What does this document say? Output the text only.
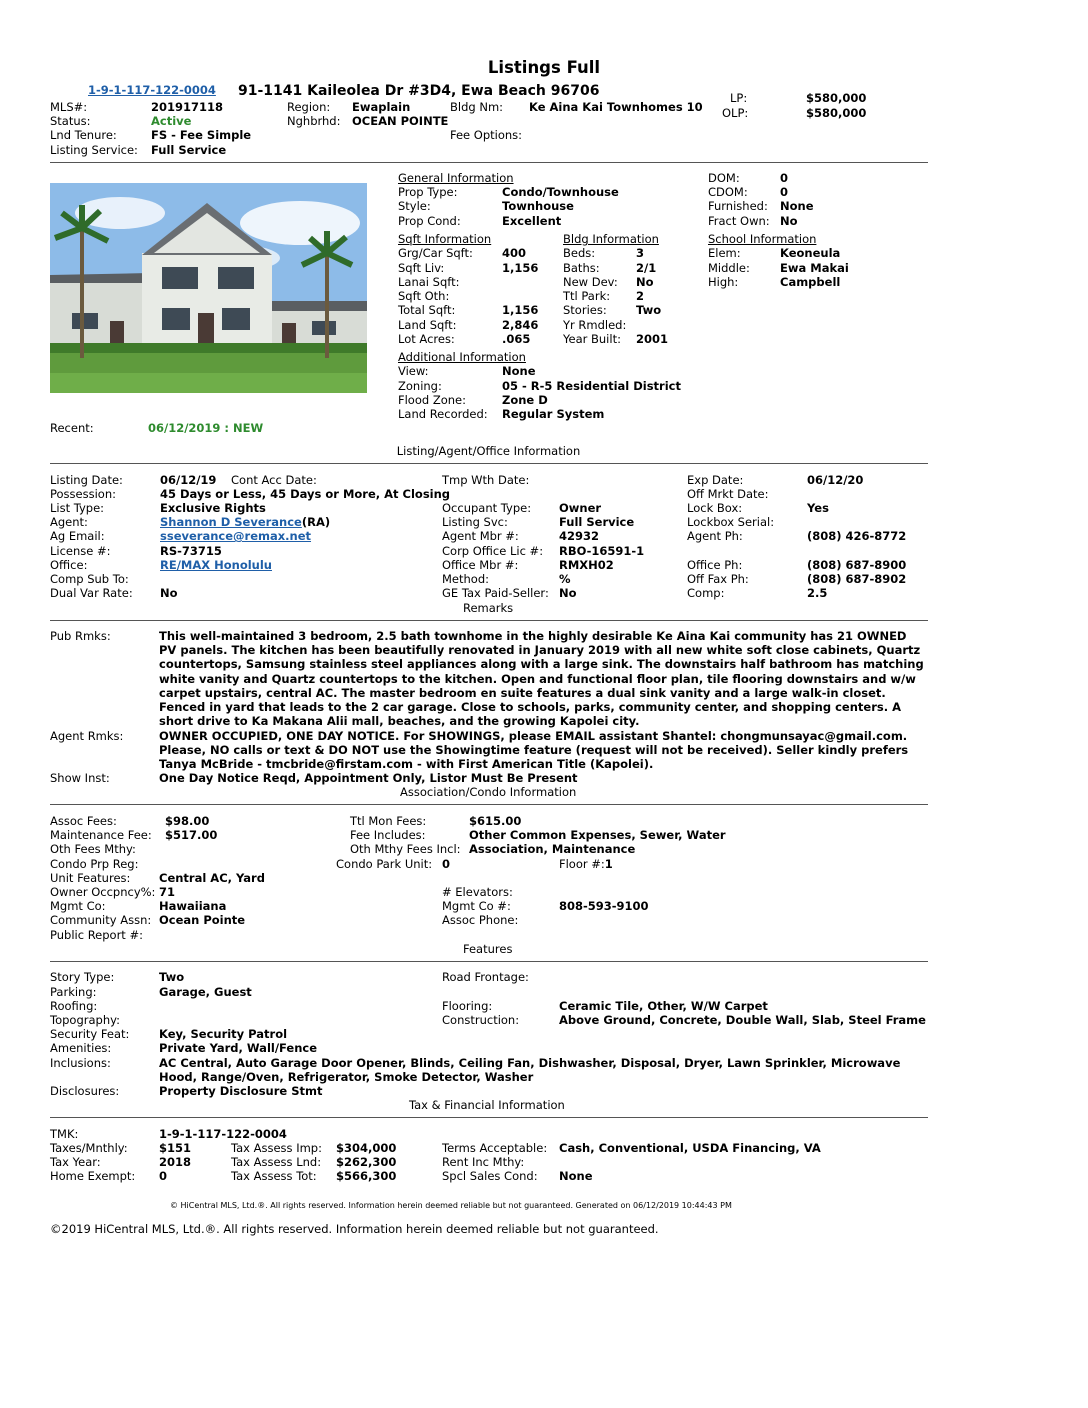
Listings Full
1-9-1-117-122-0004 91-1141 Kaileolea Dr #3D4, Ewa Beach 96706
MLS#:	201917118	Region: Ewaplain	Bldg Nm: Ke Aina Kai Townhomes 10
LP:	$580,000
OLP:	$580,000
Status:	Active	Nghbrhd: OCEAN POINTE
Lnd Tenure:	FS - Fee Simple	Fee Options:
Listing Service: Full Service
General Information
Prop Type:	Condo/Townhouse
Style:	Townhouse
Prop Cond:	Excellent
DOM:	0
CDOM:	0
Furnished: None
Fract Own: No
Sqft Information
Grg/Car Sqft:	400
Sqft Liv:	1,156
Lanai Sqft:
Sqft Oth:
Total Sqft:	1,156
Land Sqft:	2,846
Lot Acres:	.065
Bldg Information
Beds:	3
Baths:	2/1
New Dev: No
Ttl Park: 2
Stories:	Two
Yr Rmdled:
Year Built: 2001
School Information
Elem:	Keoneula
Middle:	Ewa Makai
High:	Campbell
Additional Information
View:	None
Zoning:	05 - R-5 Residential District
Flood Zone:	Zone D
Land Recorded: Regular System
Recent:	06/12/2019 : NEW
Listing/Agent/Office Information
Listing Date:	06/12/19 Cont Acc Date:	Tmp Wth Date:	Exp Date:	06/12/20
Possession:	45 Days or Less, 45 Days or More, At Closing	Off Mrkt Date:
List Type:	Exclusive Rights	Occupant Type: Owner	Lock Box:	Yes
Agent:	Shannon D Severance(RA)	Listing Svc:	Full Service	Lockbox Serial:
Ag Email:	sseverance@remax.net	Agent Mbr #:	42932	Agent Ph:	(808) 426-8772
License #:	RS-73715	Corp Office Lic #: RBO-16591-1
Office:	RE/MAX Honolulu	Office Mbr #:	RMXH02	Office Ph:	(808) 687-8900
Comp Sub To:	Method:	%	Off Fax Ph:	(808) 687-8902
Dual Var Rate: No	GE Tax Paid-Seller: No	Comp:	2.5
Remarks
Pub Rmks:	This well-maintained 3 bedroom, 2.5 bath townhome in the highly desirable Ke Aina Kai community has 21 OWNED PV panels. The kitchen has been beautifully renovated in January 2019 with all new white soft close cabinets, Quartz countertops, Samsung stainless steel appliances along with a large sink. The downstairs half bathroom has matching white vanity and Quartz countertops to the kitchen. Open and functional floor plan, tile flooring downstairs and w/w carpet upstairs, central AC. The master bedroom en suite features a dual sink vanity and a large walk-in closet. Fenced in yard that leads to the 2 car garage. Close to schools, parks, community center, and shopping centers. A short drive to Ka Makana Alii mall, beaches, and the growing Kapolei city.
Agent Rmks:	OWNER OCCUPIED, ONE DAY NOTICE. For SHOWINGS, please EMAIL assistant Shantel: chongmunsayac@gmail.com. Please, NO calls or text & DO NOT use the Showingtime feature (request will not be received). Seller kindly prefers Tanya McBride - tmcbride@firstam.com - with First American Title (Kapolei).
Show Inst:	One Day Notice Reqd, Appointment Only, Listor Must Be Present
Association/Condo Information
Assoc Fees:	$98.00	Ttl Mon Fees:	$615.00
Maintenance Fee: $517.00	Fee Includes:	Other Common Expenses, Sewer, Water
Oth Fees Mthy:	Oth Mthy Fees Incl: Association, Maintenance
Condo Prp Reg:	Condo Park Unit: 0	Floor #:1
Unit Features: Central AC, Yard
Owner Occpncy%: 71	# Elevators:
Mgmt Co:	Hawaiiana	Mgmt Co #:	808-593-9100
Community Assn: Ocean Pointe	Assoc Phone:
Public Report #:
Features
Story Type:	Two	Road Frontage:
Parking:	Garage, Guest
Roofing:	Flooring:	Ceramic Tile, Other, W/W Carpet
Topography:	Construction:	Above Ground, Concrete, Double Wall, Slab, Steel Frame
Security Feat:	Key, Security Patrol
Amenities:	Private Yard, Wall/Fence
Inclusions:	AC Central, Auto Garage Door Opener, Blinds, Ceiling Fan, Dishwasher, Disposal, Dryer, Lawn Sprinkler, Microwave Hood, Range/Oven, Refrigerator, Smoke Detector, Washer
Disclosures:	Property Disclosure Stmt
Tax & Financial Information
TMK:	1-9-1-117-122-0004
Taxes/Mnthly:	$151	Tax Assess Imp: $304,000	Terms Acceptable: Cash, Conventional, USDA Financing, VA
Tax Year:	2018	Tax Assess Lnd: $262,300	Rent Inc Mthy:
Home Exempt: 0	Tax Assess Tot: $566,300	Spcl Sales Cond: None
© HiCentral MLS, Ltd.®. All rights reserved. Information herein deemed reliable but not guaranteed. Generated on 06/12/2019 10:44:43 PM
©2019 HiCentral MLS, Ltd.®. All rights reserved. Information herein deemed reliable but not guaranteed.
